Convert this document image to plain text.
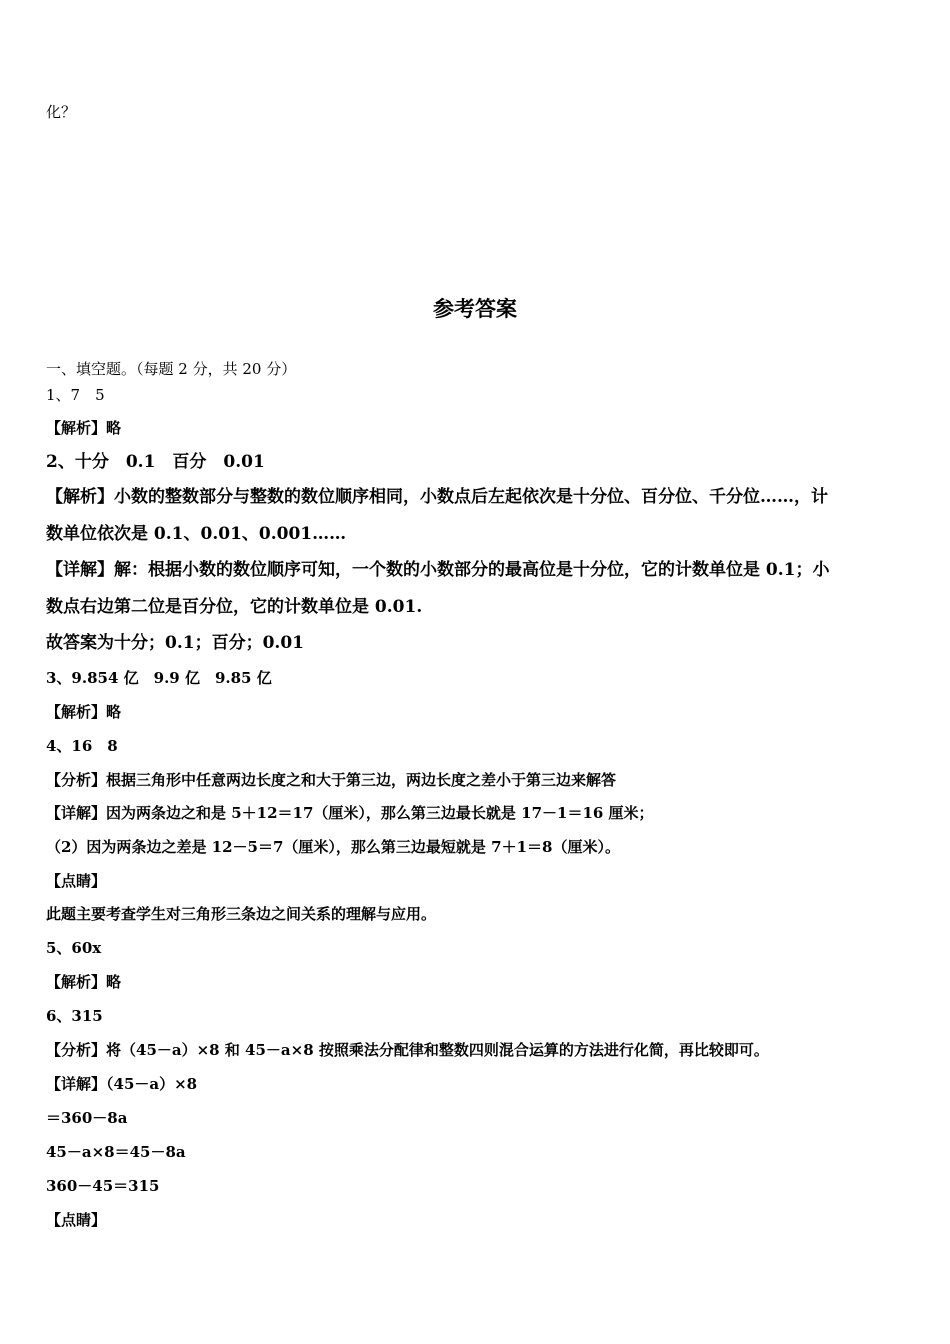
化？
参考答案
一、填空题。（每题 2 分，共 20 分）
1、7　5
【解析】略
2、十分　0.1　百分　0.01
【解析】小数的整数部分与整数的数位顺序相同，小数点后左起依次是十分位、百分位、千分位……，计
数单位依次是 0.1、0.01、0.001……
【详解】解：根据小数的数位顺序可知，一个数的小数部分的最高位是十分位，它的计数单位是 0.1；小
数点右边第二位是百分位，它的计数单位是 0.01.
故答案为十分；0.1；百分；0.01
3、9.854 亿　9.9 亿　9.85 亿
【解析】略
4、16　8
【分析】根据三角形中任意两边长度之和大于第三边，两边长度之差小于第三边来解答
【详解】因为两条边之和是 5＋12＝17（厘米），那么第三边最长就是 17－1＝16 厘米；
（2）因为两条边之差是 12－5＝7（厘米），那么第三边最短就是 7＋1＝8（厘米）。
【点睛】
此题主要考查学生对三角形三条边之间关系的理解与应用。
5、60x
【解析】略
6、315
【分析】将（45－a）×8 和 45－a×8 按照乘法分配律和整数四则混合运算的方法进行化简，再比较即可。
【详解】（45－a）×8
＝360－8a
45－a×8＝45－8a
360－45＝315
【点睛】
